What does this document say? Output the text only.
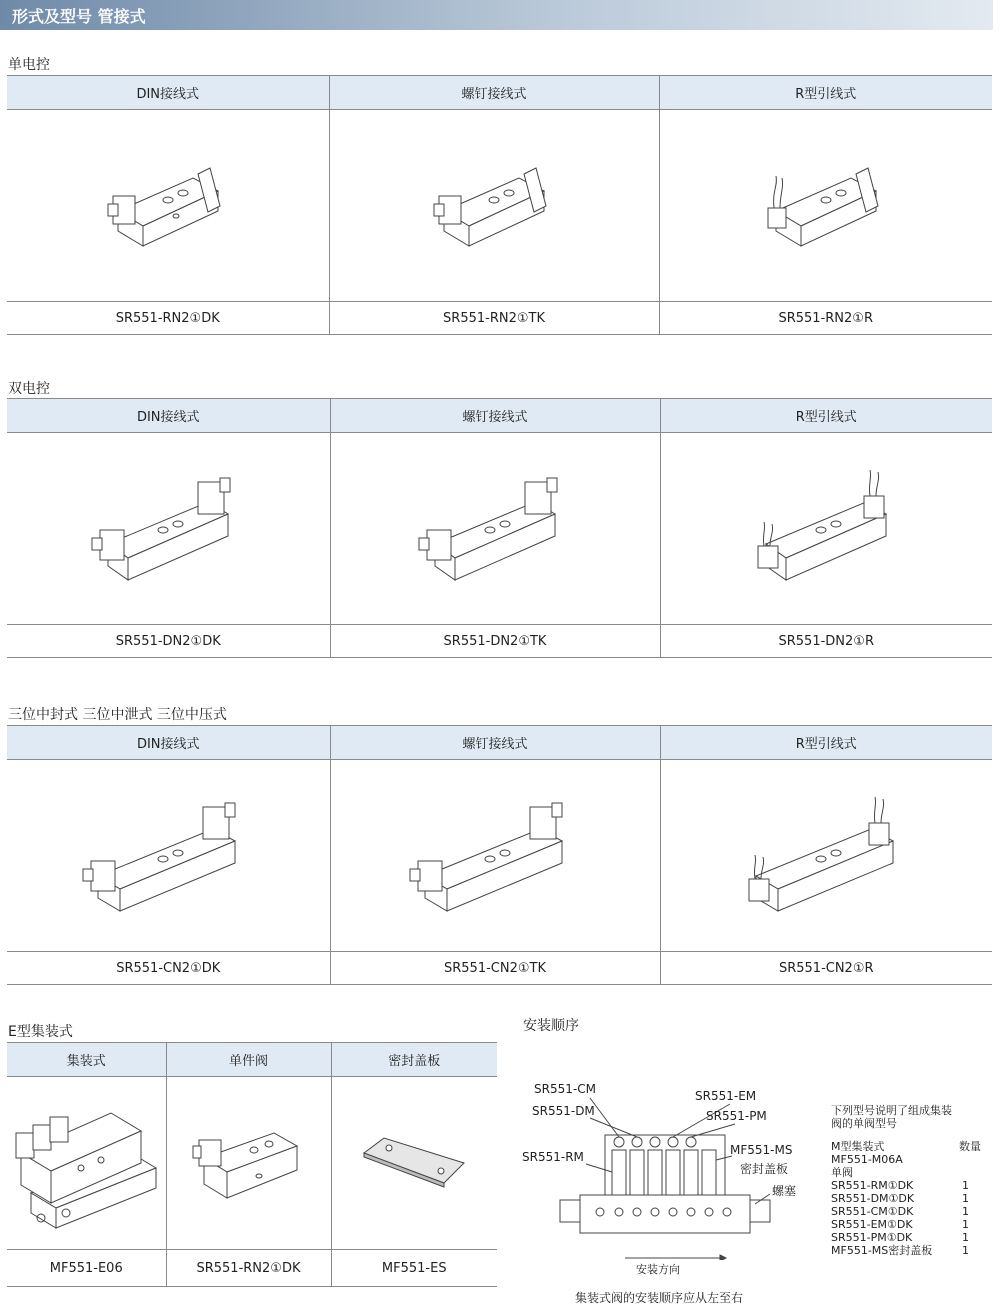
形式及型号 管接式
单电控
DIN接线式	螺钉接线式	R型引线式

SR551-RN2①DK	SR551-RN2①TK	SR551-RN2①R
双电控
DIN接线式	螺钉接线式	R型引线式

SR551-DN2①DK	SR551-DN2①TK	SR551-DN2①R
三位中封式 三位中泄式 三位中压式
DIN接线式	螺钉接线式	R型引线式

SR551-CN2①DK	SR551-CN2①TK	SR551-CN2①R
E型集装式
集装式	单件阀	密封盖板

MF551-E06	SR551-RN2①DK	MF551-ES
安装顺序
SR551-CM
SR551-DM
SR551-RM
SR551-EM
SR551-PM
MF551-MS
密封盖板
螺塞
安装方向
集装式阀的安装顺序应从左至右
下列型号说明了组成集装阀的单阀型号
M型集装式	数量
MF551-M06A
单阀
SR551-RM①DK	1
SR551-DM①DK	1
SR551-CM①DK	1
SR551-EM①DK	1
SR551-PM①DK	1
MF551-MS密封盖板	1
